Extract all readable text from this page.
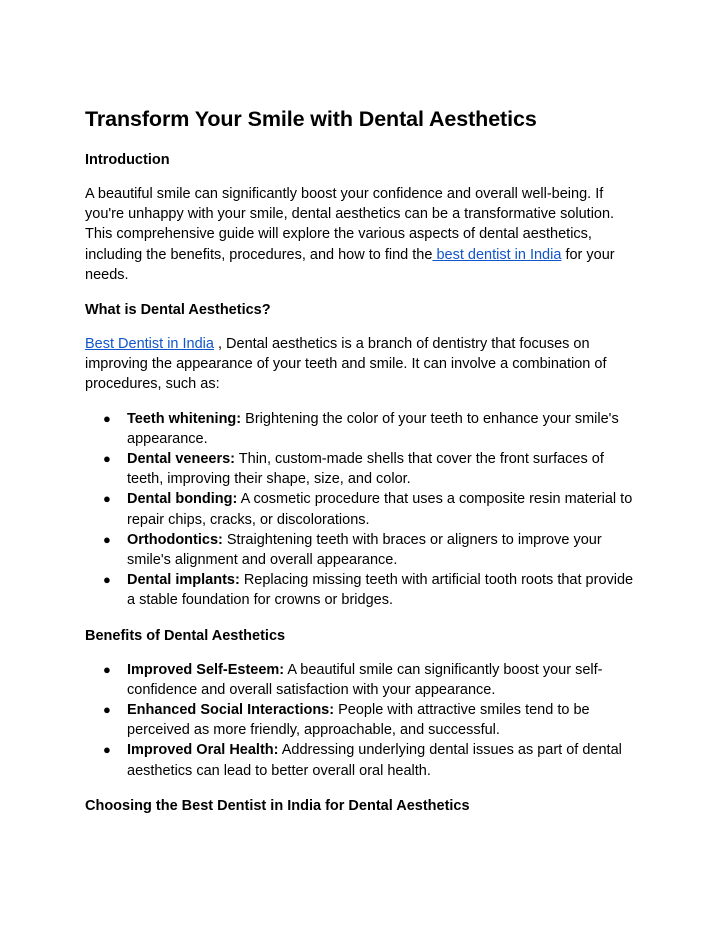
Transform Your Smile with Dental Aesthetics
Introduction

A beautiful smile can significantly boost your confidence and overall well-being. If you're unhappy with your smile, dental aesthetics can be a transformative solution. This comprehensive guide will explore the various aspects of dental aesthetics, including the benefits, procedures, and how to find the best dentist in India for your needs.

What is Dental Aesthetics?

Best Dentist in India , Dental aesthetics is a branch of dentistry that focuses on improving the appearance of your teeth and smile. It can involve a combination of procedures, such as:

● Teeth whitening: Brightening the color of your teeth to enhance your smile's appearance.
● Dental veneers: Thin, custom-made shells that cover the front surfaces of teeth, improving their shape, size, and color.
● Dental bonding: A cosmetic procedure that uses a composite resin material to repair chips, cracks, or discolorations.
● Orthodontics: Straightening teeth with braces or aligners to improve your smile's alignment and overall appearance.
● Dental implants: Replacing missing teeth with artificial tooth roots that provide a stable foundation for crowns or bridges.
Benefits of Dental Aesthetics
● Improved Self-Esteem: A beautiful smile can significantly boost your self-confidence and overall satisfaction with your appearance.
● Enhanced Social Interactions: People with attractive smiles tend to be perceived as more friendly, approachable, and successful.
● Improved Oral Health: Addressing underlying dental issues as part of dental aesthetics can lead to better overall oral health.
Choosing the Best Dentist in India for Dental Aesthetics
